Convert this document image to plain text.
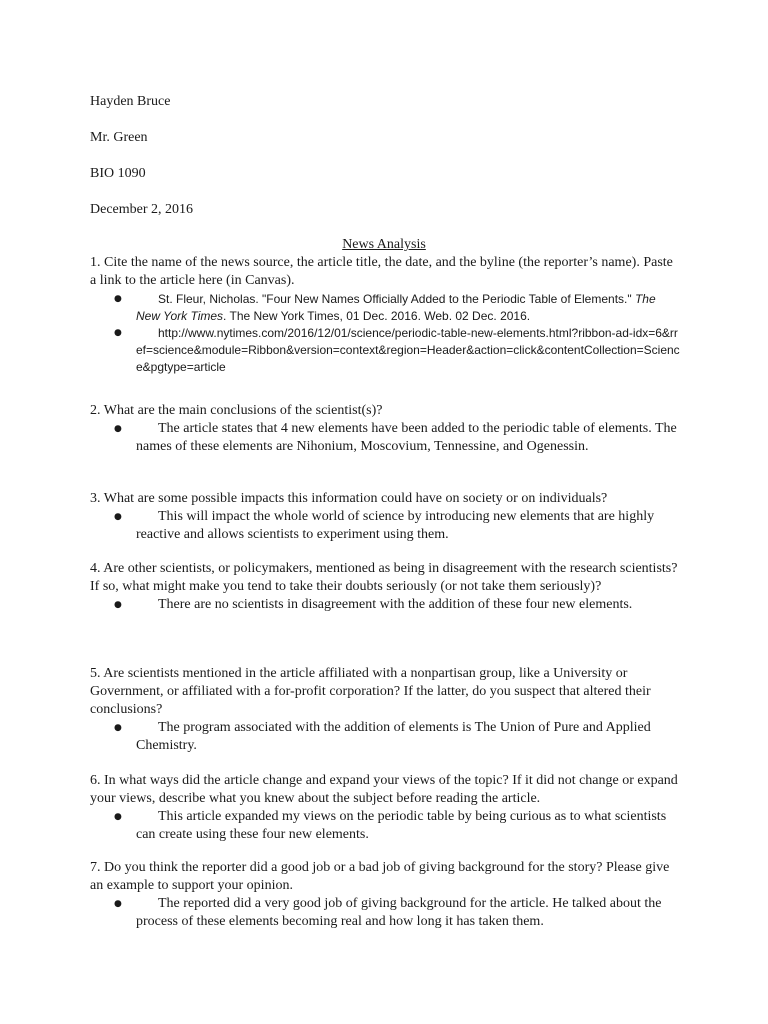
Hayden Bruce

Mr. Green

BIO 1090

December 2, 2016

News Analysis

1. Cite the name of the news source, the article title, the date, and the byline (the reporter’s name). Paste a link to the article here (in Canvas).

●	St. Fleur, Nicholas. "Four New Names Officially Added to the Periodic Table of Elements." The New York Times. The New York Times, 01 Dec. 2016. Web. 02 Dec. 2016.
●	http://www.nytimes.com/2016/12/01/science/periodic-table-new-elements.html?ribbon-ad-idx=6&rref=science&module=Ribbon&version=context&region=Header&action=click&contentCollection=Science&pgtype=article

2. What are the main conclusions of the scientist(s)?

●	The article states that 4 new elements have been added to the periodic table of elements. The names of these elements are Nihonium, Moscovium, Tennessine, and Ogenessin.

3. What are some possible impacts this information could have on society or on individuals?

●	This will impact the whole world of science by introducing new elements that are highly reactive and allows scientists to experiment using them.

4. Are other scientists, or policymakers, mentioned as being in disagreement with the research scientists? If so, what might make you tend to take their doubts seriously (or not take them seriously)?

●	There are no scientists in disagreement with the addition of these four new elements.

5. Are scientists mentioned in the article affiliated with a nonpartisan group, like a University or Government, or affiliated with a for-profit corporation? If the latter, do you suspect that altered their conclusions?

●	The program associated with the addition of elements is The Union of Pure and Applied Chemistry.

6. In what ways did the article change and expand your views of the topic? If it did not change or expand your views, describe what you knew about the subject before reading the article.

●	This article expanded my views on the periodic table by being curious as to what scientists can create using these four new elements.

7. Do you think the reporter did a good job or a bad job of giving background for the story? Please give an example to support your opinion.

●	The reported did a very good job of giving background for the article. He talked about the process of these elements becoming real and how long it has taken them.
